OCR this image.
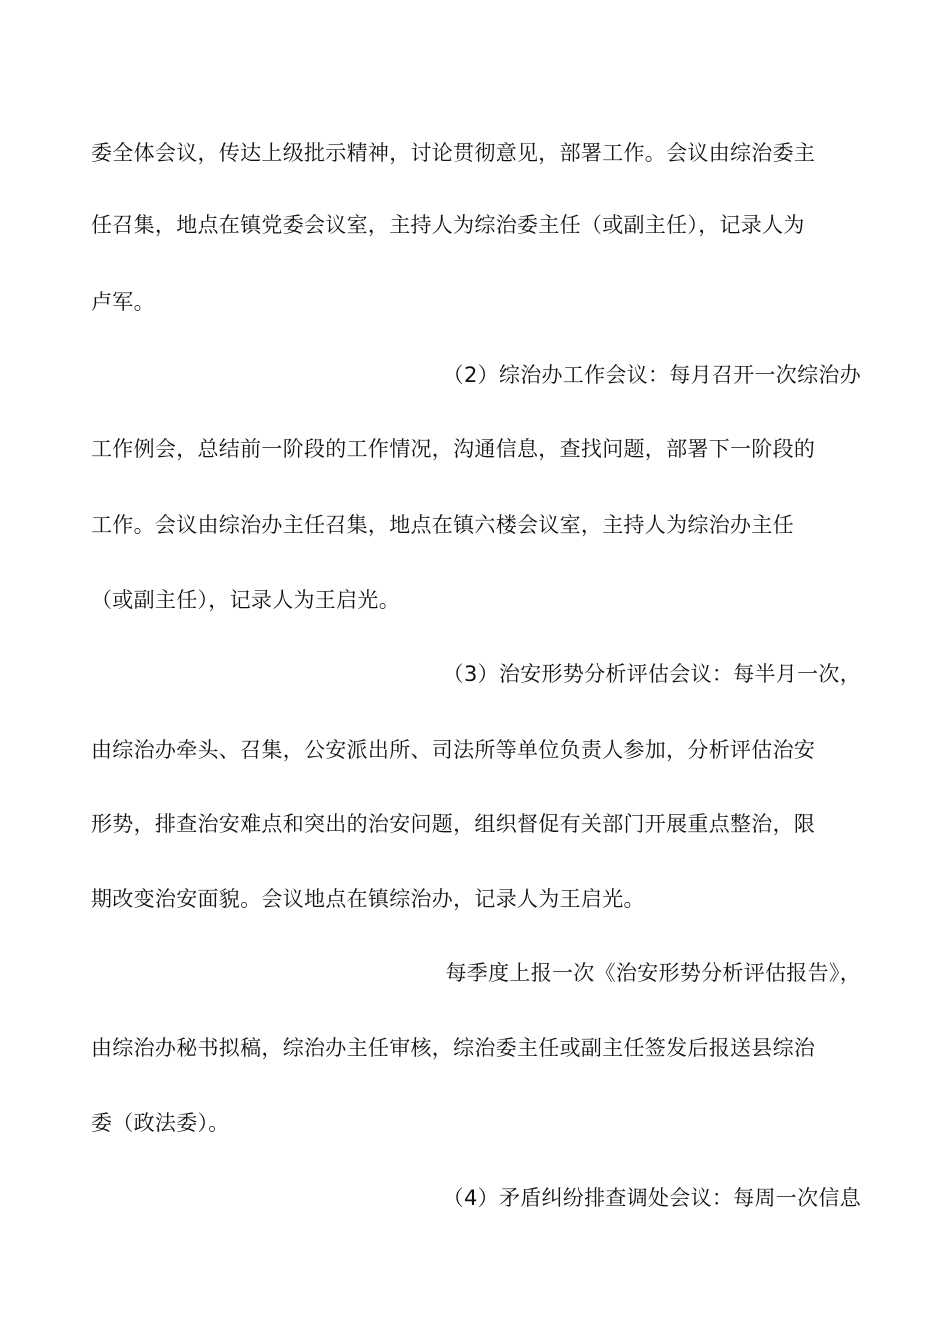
委全体会议，传达上级批示精神，讨论贯彻意见，部署工作。会议由综治委主
任召集，地点在镇党委会议室，主持人为综治委主任（或副主任），记录人为
卢军。
（2）综治办工作会议：每月召开一次综治办
工作例会，总结前一阶段的工作情况，沟通信息，查找问题，部署下一阶段的
工作。会议由综治办主任召集，地点在镇六楼会议室，主持人为综治办主任
（或副主任），记录人为王启光。
（3）治安形势分析评估会议：每半月一次，
由综治办牵头、召集，公安派出所、司法所等单位负责人参加，分析评估治安
形势，排查治安难点和突出的治安问题，组织督促有关部门开展重点整治，限
期改变治安面貌。会议地点在镇综治办，记录人为王启光。
每季度上报一次《治安形势分析评估报告》，
由综治办秘书拟稿，综治办主任审核，综治委主任或副主任签发后报送县综治
委（政法委）。
（4）矛盾纠纷排查调处会议：每周一次信息
